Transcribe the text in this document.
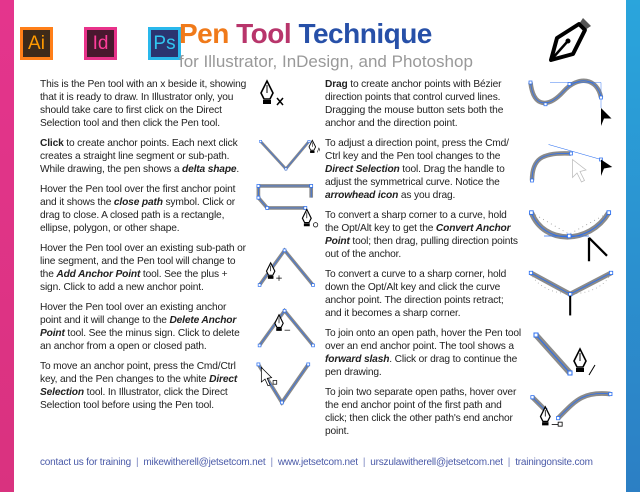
Ai	Id	Ps Pen Tool Technique
for Illustrator, InDesign, and Photoshop
This is the Pen tool with an x beside it, showing that it is ready to draw. In Illustrator only, you should take care to first click on the Direct Selection tool and then click the Pen tool.
Click to create anchor points. Each next click creates a straight line segment or sub-path. While drawing, the pen shows a delta shape.
Hover the Pen tool over the first anchor point and it shows the close path symbol. Click or drag to close. A closed path is a rectangle, ellipse, polygon, or other shape.
Hover the Pen tool over an existing sub-path or line segment, and the Pen tool will change to the Add Anchor Point tool. See the plus + sign. Click to add a new anchor point.
Hover the Pen tool over an existing anchor point and it will change to the Delete Anchor Point tool. See the minus sign. Click to delete an anchor from a open or closed path.
To move an anchor point, press the Cmd/Ctrl key, and the Pen changes to the white Direct Selection tool. In Illustrator, click the Direct Selection tool before using the Pen tool.
Drag to create anchor points with Bézier direction points that control curved lines. Dragging the mouse button sets both the anchor and the direction point.
To adjust a direction point, press the Cmd/ Ctrl key and the Pen tool changes to the Direct Selection tool. Drag the handle to adjust the symmetrical curve. Notice the arrowhead icon as you drag.
To convert a sharp corner to a curve, hold the Opt/Alt key to get the Convert Anchor Point tool; then drag, pulling direction points out of the anchor.
To convert a curve to a sharp corner, hold down the Opt/Alt key and click the curve anchor point. The direction points retract; and it becomes a sharp corner.
To join onto an open path, hover the Pen tool over an end anchor point. The tool shows a forward slash. Click or drag to continue the pen drawing.
To join two separate open paths, hover over the end anchor point of the first path and click; then click the other path's end anchor point.
contact us for training | mikewitherell@jetsetcom.net | www.jetsetcom.net | urszulawitherell@jetsetcom.net | trainingonsite.com
